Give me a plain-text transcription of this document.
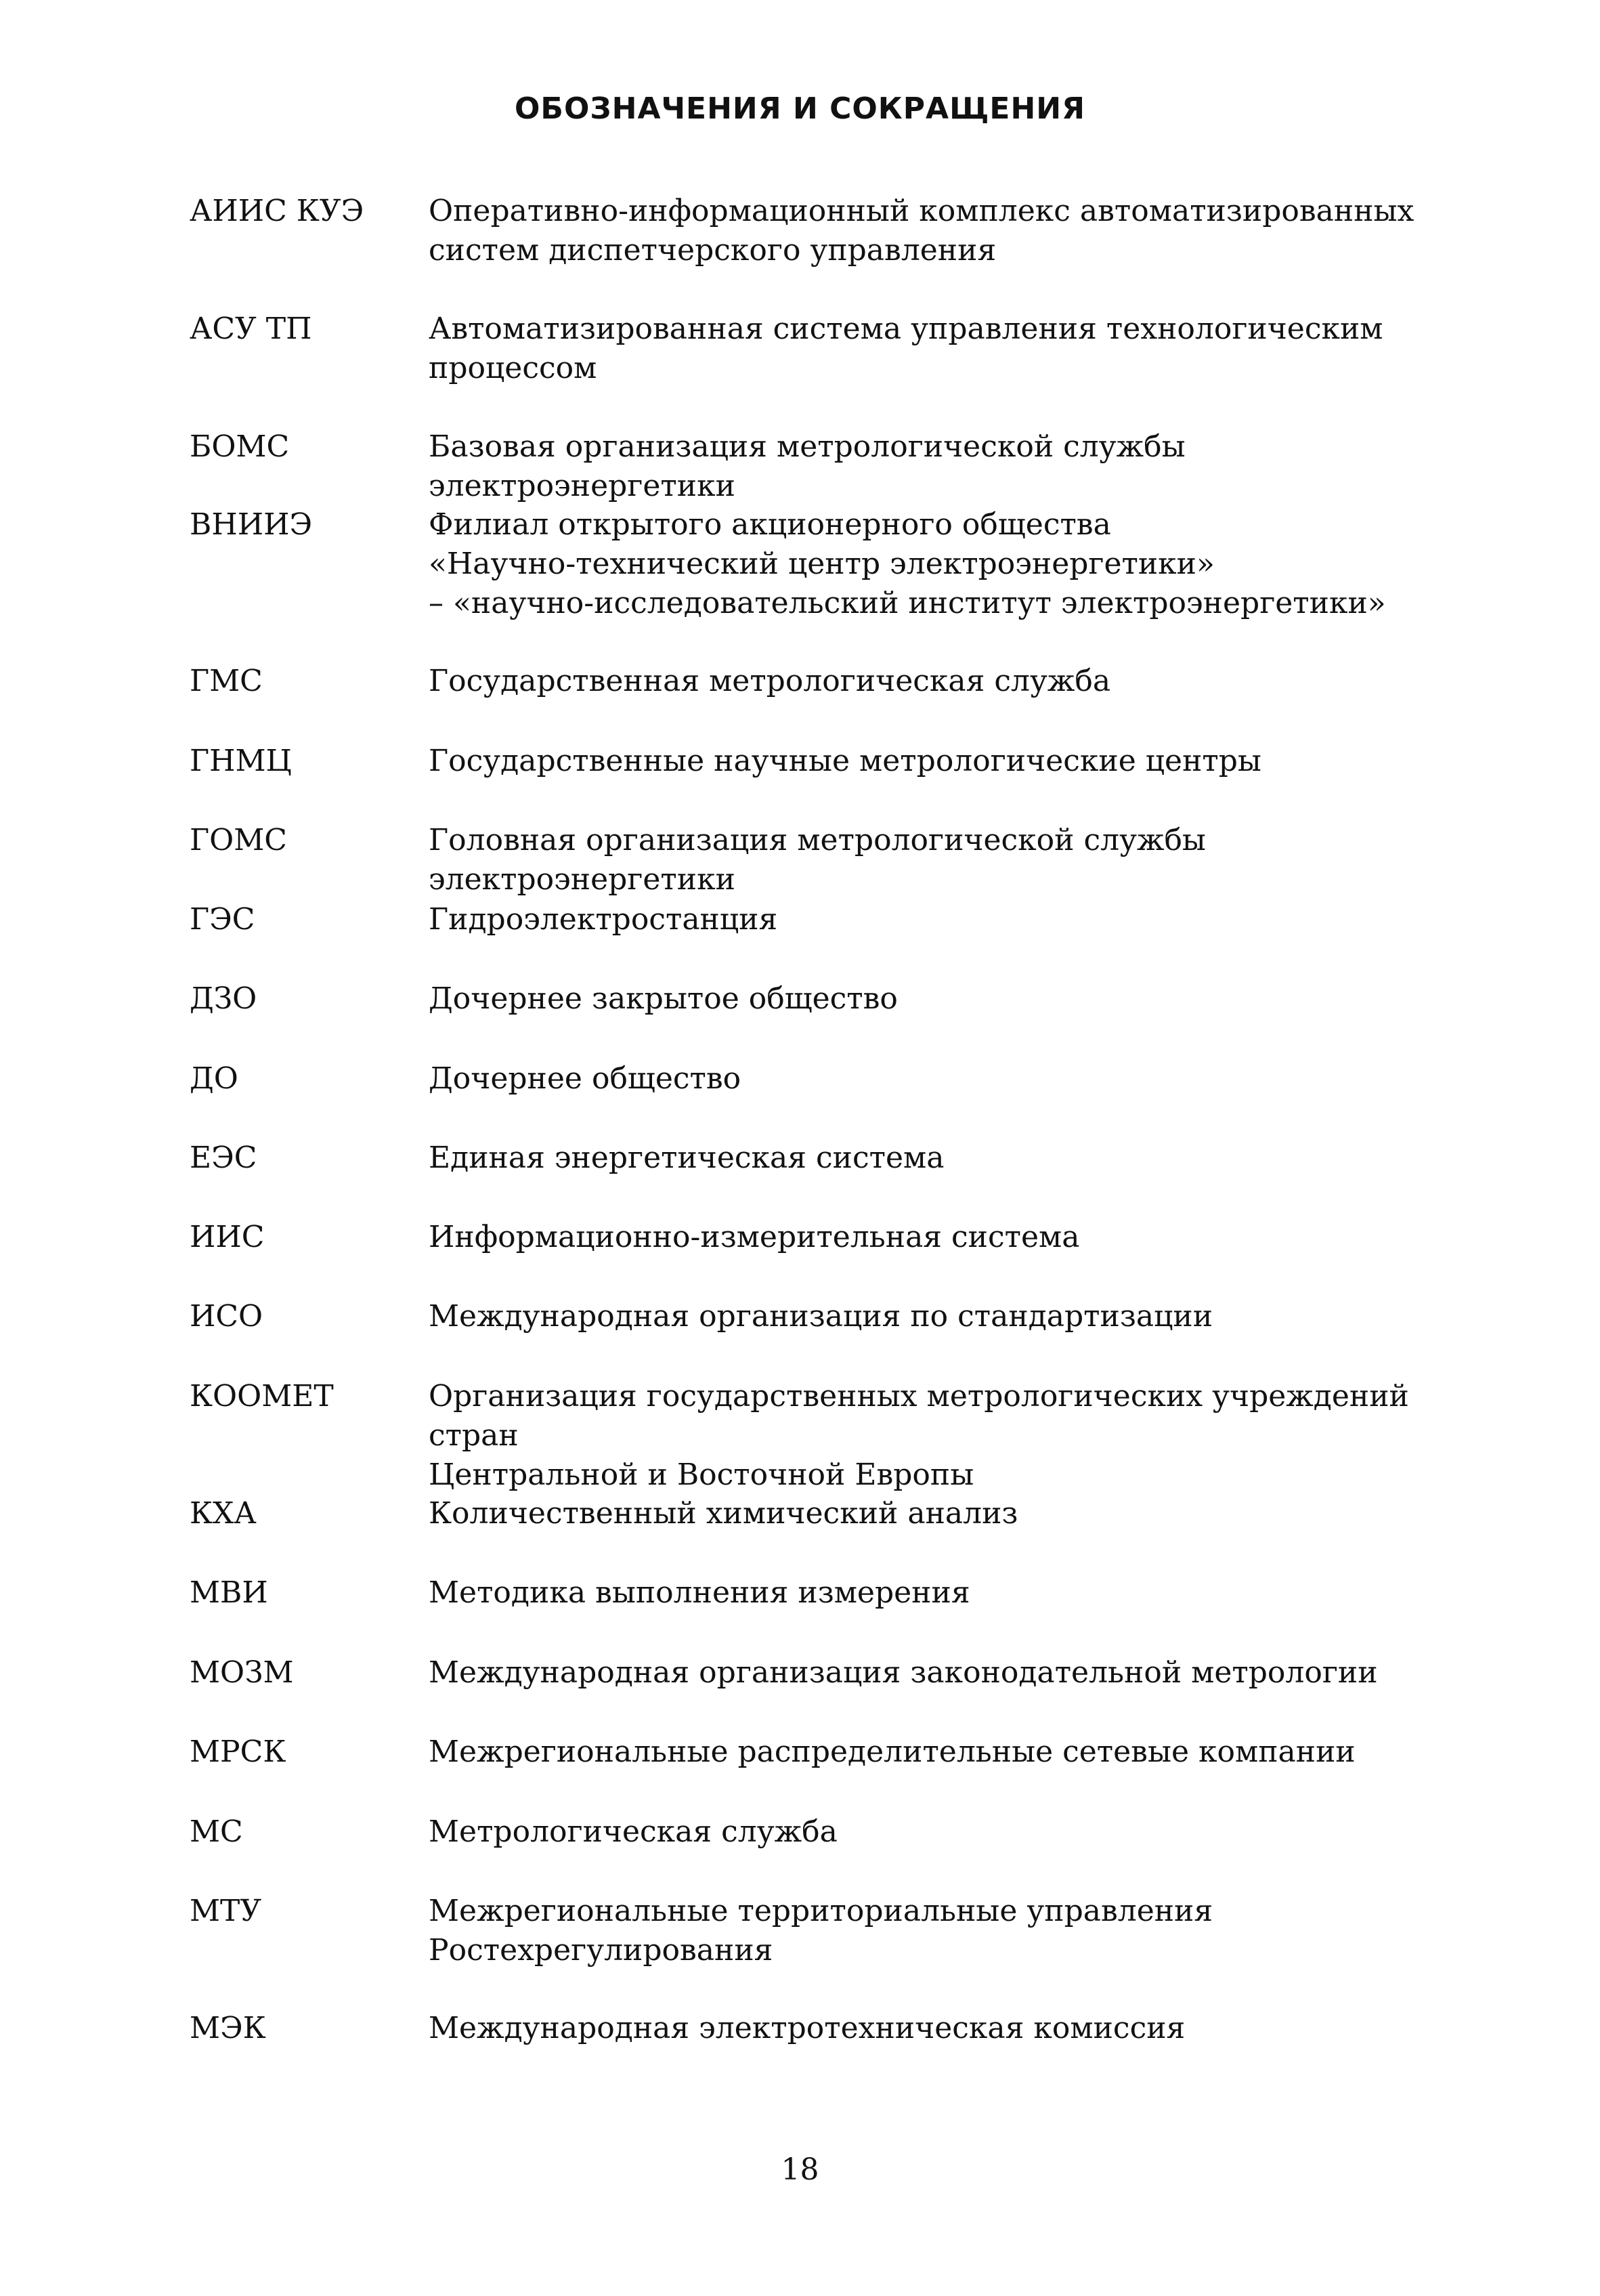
ОБОЗНАЧЕНИЯ И СОКРАЩЕНИЯ
АИИС КУЭ	Оперативно-информационный комплекс автоматизированных
систем диспетчерского управления
АСУ ТП	Автоматизированная система управления технологическим
процессом
БОМС	Базовая организация метрологической службы электроэнергетики
ВНИИЭ	Филиал открытого акционерного общества
«Научно-технический центр электроэнергетики»
– «научно-исследовательский институт электроэнергетики»
ГМС	Государственная метрологическая служба
ГНМЦ	Государственные научные метрологические центры
ГОМС	Головная организация метрологической службы электроэнергетики
ГЭС	Гидроэлектростанция
ДЗО	Дочернее закрытое общество
ДО	Дочернее общество
ЕЭС	Единая энергетическая система
ИИС	Информационно-измерительная система
ИСО	Международная организация по стандартизации
КООМЕТ	Организация государственных метрологических учреждений стран
Центральной и Восточной Европы
КХА	Количественный химический анализ
МВИ	Методика выполнения измерения
МОЗМ	Международная организация законодательной метрологии
МРСК	Межрегиональные распределительные сетевые компании
МС	Метрологическая служба
МТУ	Межрегиональные территориальные управления
Ростехрегулирования
МЭК	Международная электротехническая комиссия
18
